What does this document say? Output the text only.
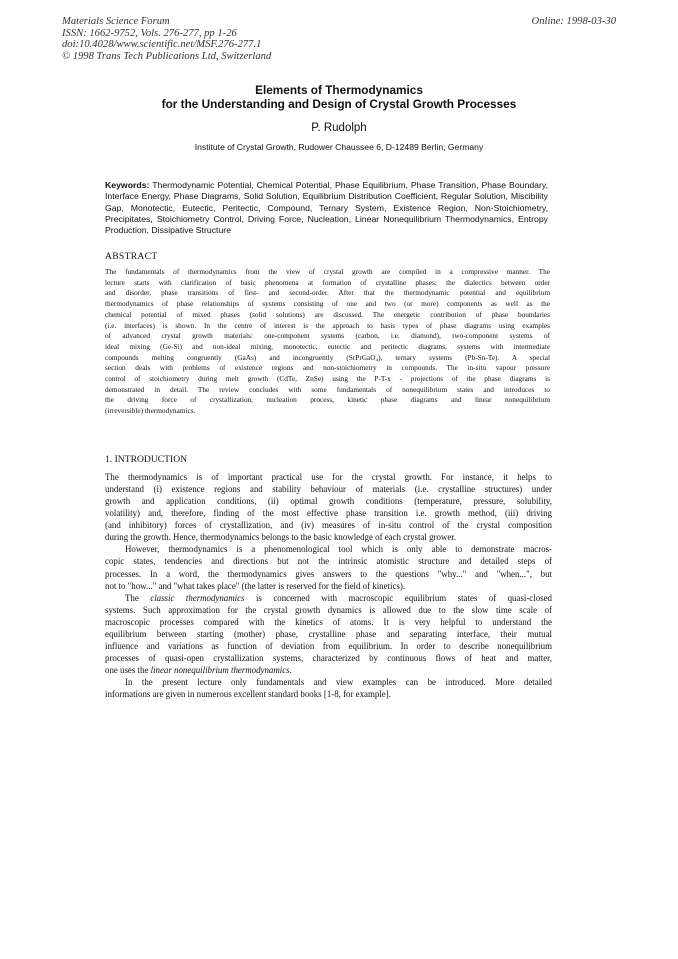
Materials Science Forum
ISSN: 1662-9752, Vols. 276-277, pp 1-26
doi:10.4028/www.scientific.net/MSF.276-277.1
© 1998 Trans Tech Publications Ltd, Switzerland
Online: 1998-03-30
Elements of Thermodynamics
for the Understanding and Design of Crystal Growth Processes
P. Rudolph
Institute of Crystal Growth, Rudower Chaussee 6, D-12489 Berlin, Germany
Keywords: Thermodynamic Potential, Chemical Potential, Phase Equilibrium, Phase Transition, Phase Boundary, Interface Energy, Phase Diagrams, Solid Solution, Equilibrium Distribution Coefficient, Regular Solution, Miscibility Gap, Monotectic, Eutectic, Peritectic, Compound, Ternary System, Existence Region, Non-Stoichiometry, Precipitates, Stoichiometry Control, Driving Force, Nucleation, Linear Nonequilibrium Thermodynamics, Entropy Production, Dissipative Structure
ABSTRACT
The fundamentals of thermodynamics from the view of crystal growth are compiled in a compressive manner. The
lecture starts with clarification of basic phenomena at formation of crystalline phases: the dialectics between order
and disorder, phase transitions of first- and second-order. After that the thermodynamic potential and equilibrium
thermodynamics of phase relationships of systems consisting of one and two (or more) components as well as the
chemical potential of mixed phases (solid solutions) are discussed. The energetic contribution of phase boundaries
(i.e. interfaces) is shown. In the centre of interest is the approach to basis types of phase diagrams using examples
of advanced crystal growth materials: one-component systems (carbon, i.e. diamond), two-component systems of
ideal mixing (Ge-Si) and non-ideal mixing, monotectic, eutectic and peritectic diagrams, systems with intermediate
compounds melting congruently (GaAs) and incongruently (SrPrGaO₄), ternary systems (Pb-Sn-Te). A special
section deals with problems of existence regions and non-stoichiometry in compounds. The in-situ vapour pressure
control of stoichiometry during melt growth (CdTe, ZnSe) using the P-T-x - projections of the phase diagrams is
demonstrated in detail. The review concludes with some fundamentals of nonequilibrium states and introduces to
the driving force of crystallization, nucleation process, kinetic phase diagrams and linear nonequilibrium
(irreversible) thermodynamics.
1. INTRODUCTION
The thermodynamics is of important practical use for the crystal growth. For instance, it helps to
understand (i) existence regions and stability behaviour of materials (i.e. crystalline structures) under
growth and application conditions, (ii) optimal growth conditions (temperature, pressure, solubility,
volatility) and, therefore, finding of the most effective phase transition i.e. growth method, (iii) driving
(and inhibitory) forces of crystallization, and (iv) measures of in-situ control of the crystal composition
during the growth. Hence, thermodynamics belongs to the basic knowledge of each crystal grower.
However, thermodynamics is a phenomenological tool which is only able to demonstrate macros-
copic states, tendencies and directions but not the intrinsic atomistic structure and detailed steps of
processes. In a word, the thermodynamics gives answers to the questions "why..." and "when...", but
not to "how..." and "what takes place" (the latter is reserved for the field of kinetics).
The classic thermodynamics is concerned with macroscopic equilibrium states of quasi-closed
systems. Such approximation for the crystal growth dynamics is allowed due to the slow time scale of
macroscopic processes compared with the kinetics of atoms. It is very helpful to understand the
equilibrium between starting (mother) phase, crystalline phase and separating interface, their mutual
influence and variations as function of deviation from equilibrium. In order to describe nonequilibrium
processes of quasi-open crystallization systems, characterized by continuous flows of heat and matter,
one uses the linear nonequilibrium thermodynamics.
In the present lecture only fundamentals and view examples can be introduced. More detailed
informations are given in numerous excellent standard books [1-8, for example].
